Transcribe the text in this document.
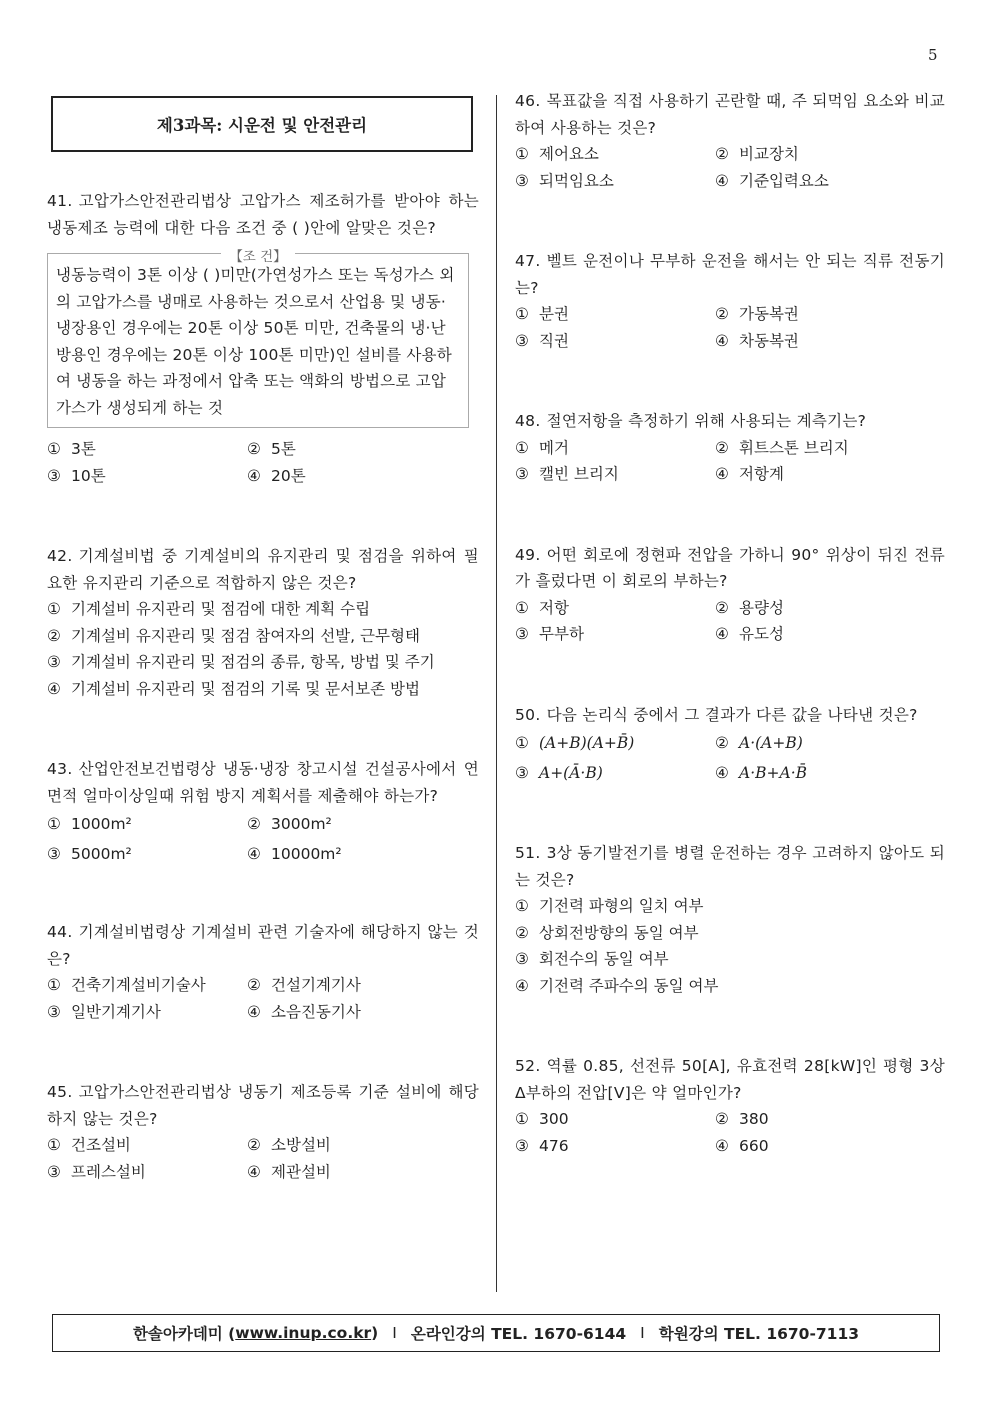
5
제3과목: 시운전 및 안전관리
41. 고압가스안전관리법상 고압가스 제조허가를 받아야 하는 냉동제조 능력에 대한 다음 조건 중 ( )안에 알맞은 것은?
【조 건】
냉동능력이 3톤 이상 ( )미만(가연성가스 또는 독성가스 외의 고압가스를 냉매로 사용하는 것으로서 산업용 및 냉동·냉장용인 경우에는 20톤 이상 50톤 미만, 건축물의 냉·난방용인 경우에는 20톤 이상 100톤 미만)인 설비를 사용하여 냉동을 하는 과정에서 압축 또는 액화의 방법으로 고압가스가 생성되게 하는 것
① 3톤	② 5톤
③ 10톤	④ 20톤
42. 기계설비법 중 기계설비의 유지관리 및 점검을 위하여 필요한 유지관리 기준으로 적합하지 않은 것은?
① 기계설비 유지관리 및 점검에 대한 계획 수립
② 기계설비 유지관리 및 점검 참여자의 선발, 근무형태
③ 기계설비 유지관리 및 점검의 종류, 항목, 방법 및 주기
④ 기계설비 유지관리 및 점검의 기록 및 문서보존 방법
43. 산업안전보건법령상 냉동·냉장 창고시설 건설공사에서 연면적 얼마이상일때 위험 방지 계획서를 제출해야 하는가?
① 1000m²	② 3000m²
③ 5000m²	④ 10000m²
44. 기계설비법령상 기계설비 관련 기술자에 해당하지 않는 것은?
① 건축기계설비기술사	② 건설기계기사
③ 일반기계기사	④ 소음진동기사
45. 고압가스안전관리법상 냉동기 제조등록 기준 설비에 해당하지 않는 것은?
① 건조설비	② 소방설비
③ 프레스설비	④ 제관설비
46. 목표값을 직접 사용하기 곤란할 때, 주 되먹임 요소와 비교하여 사용하는 것은?
① 제어요소	② 비교장치
③ 되먹임요소	④ 기준입력요소
47. 벨트 운전이나 무부하 운전을 해서는 안 되는 직류 전동기는?
① 분권	② 가동복권
③ 직권	④ 차동복권
48. 절연저항을 측정하기 위해 사용되는 계측기는?
① 메거	② 휘트스톤 브리지
③ 캘빈 브리지	④ 저항계
49. 어떤 회로에 정현파 전압을 가하니 90° 위상이 뒤진 전류가 흘렀다면 이 회로의 부하는?
① 저항	② 용량성
③ 무부하	④ 유도성
50. 다음 논리식 중에서 그 결과가 다른 값을 나타낸 것은?
① (A+B)(A+B̄)	② A·(A+B)
③ A+(Ā·B)	④ A·B+A·B̄
51. 3상 동기발전기를 병렬 운전하는 경우 고려하지 않아도 되는 것은?
① 기전력 파형의 일치 여부
② 상회전방향의 동일 여부
③ 회전수의 동일 여부
④ 기전력 주파수의 동일 여부
52. 역률 0.85, 선전류 50[A], 유효전력 28[kW]인 평형 3상 Δ부하의 전압[V]은 약 얼마인가?
① 300	② 380
③ 476	④ 660
한솔아카데미 ( www.inup.co.kr ) I 온라인강의 TEL. 1670-6144 I 학원강의 TEL. 1670-7113
